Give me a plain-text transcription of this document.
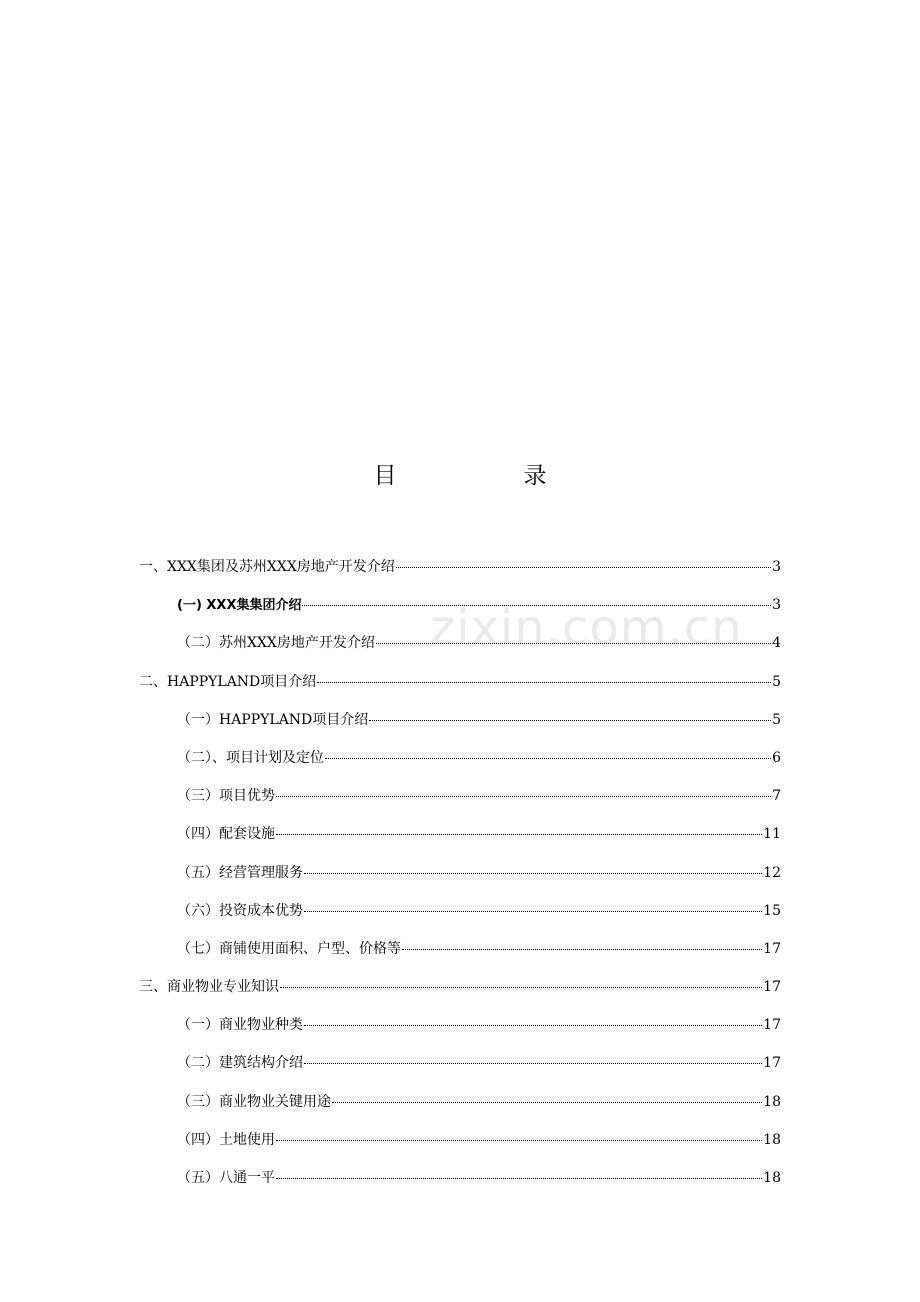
目　录
zixin.com.cn
一、XXX集团及苏州XXX房地产开发介绍	3
(一) XXX集集团介绍	3
（二）苏州XXX房地产开发介绍	4
二、HAPPYLAND项目介绍	5
（一）HAPPYLAND项目介绍	5
（二）、项目计划及定位	6
（三）项目优势	7
（四）配套设施	11
（五）经营管理服务	12
（六）投资成本优势	15
（七）商铺使用面积、户型、价格等	17
三、商业物业专业知识	17
（一）商业物业种类	17
（二）建筑结构介绍	17
（三）商业物业关键用途	18
（四）土地使用	18
（五）八通一平	18
